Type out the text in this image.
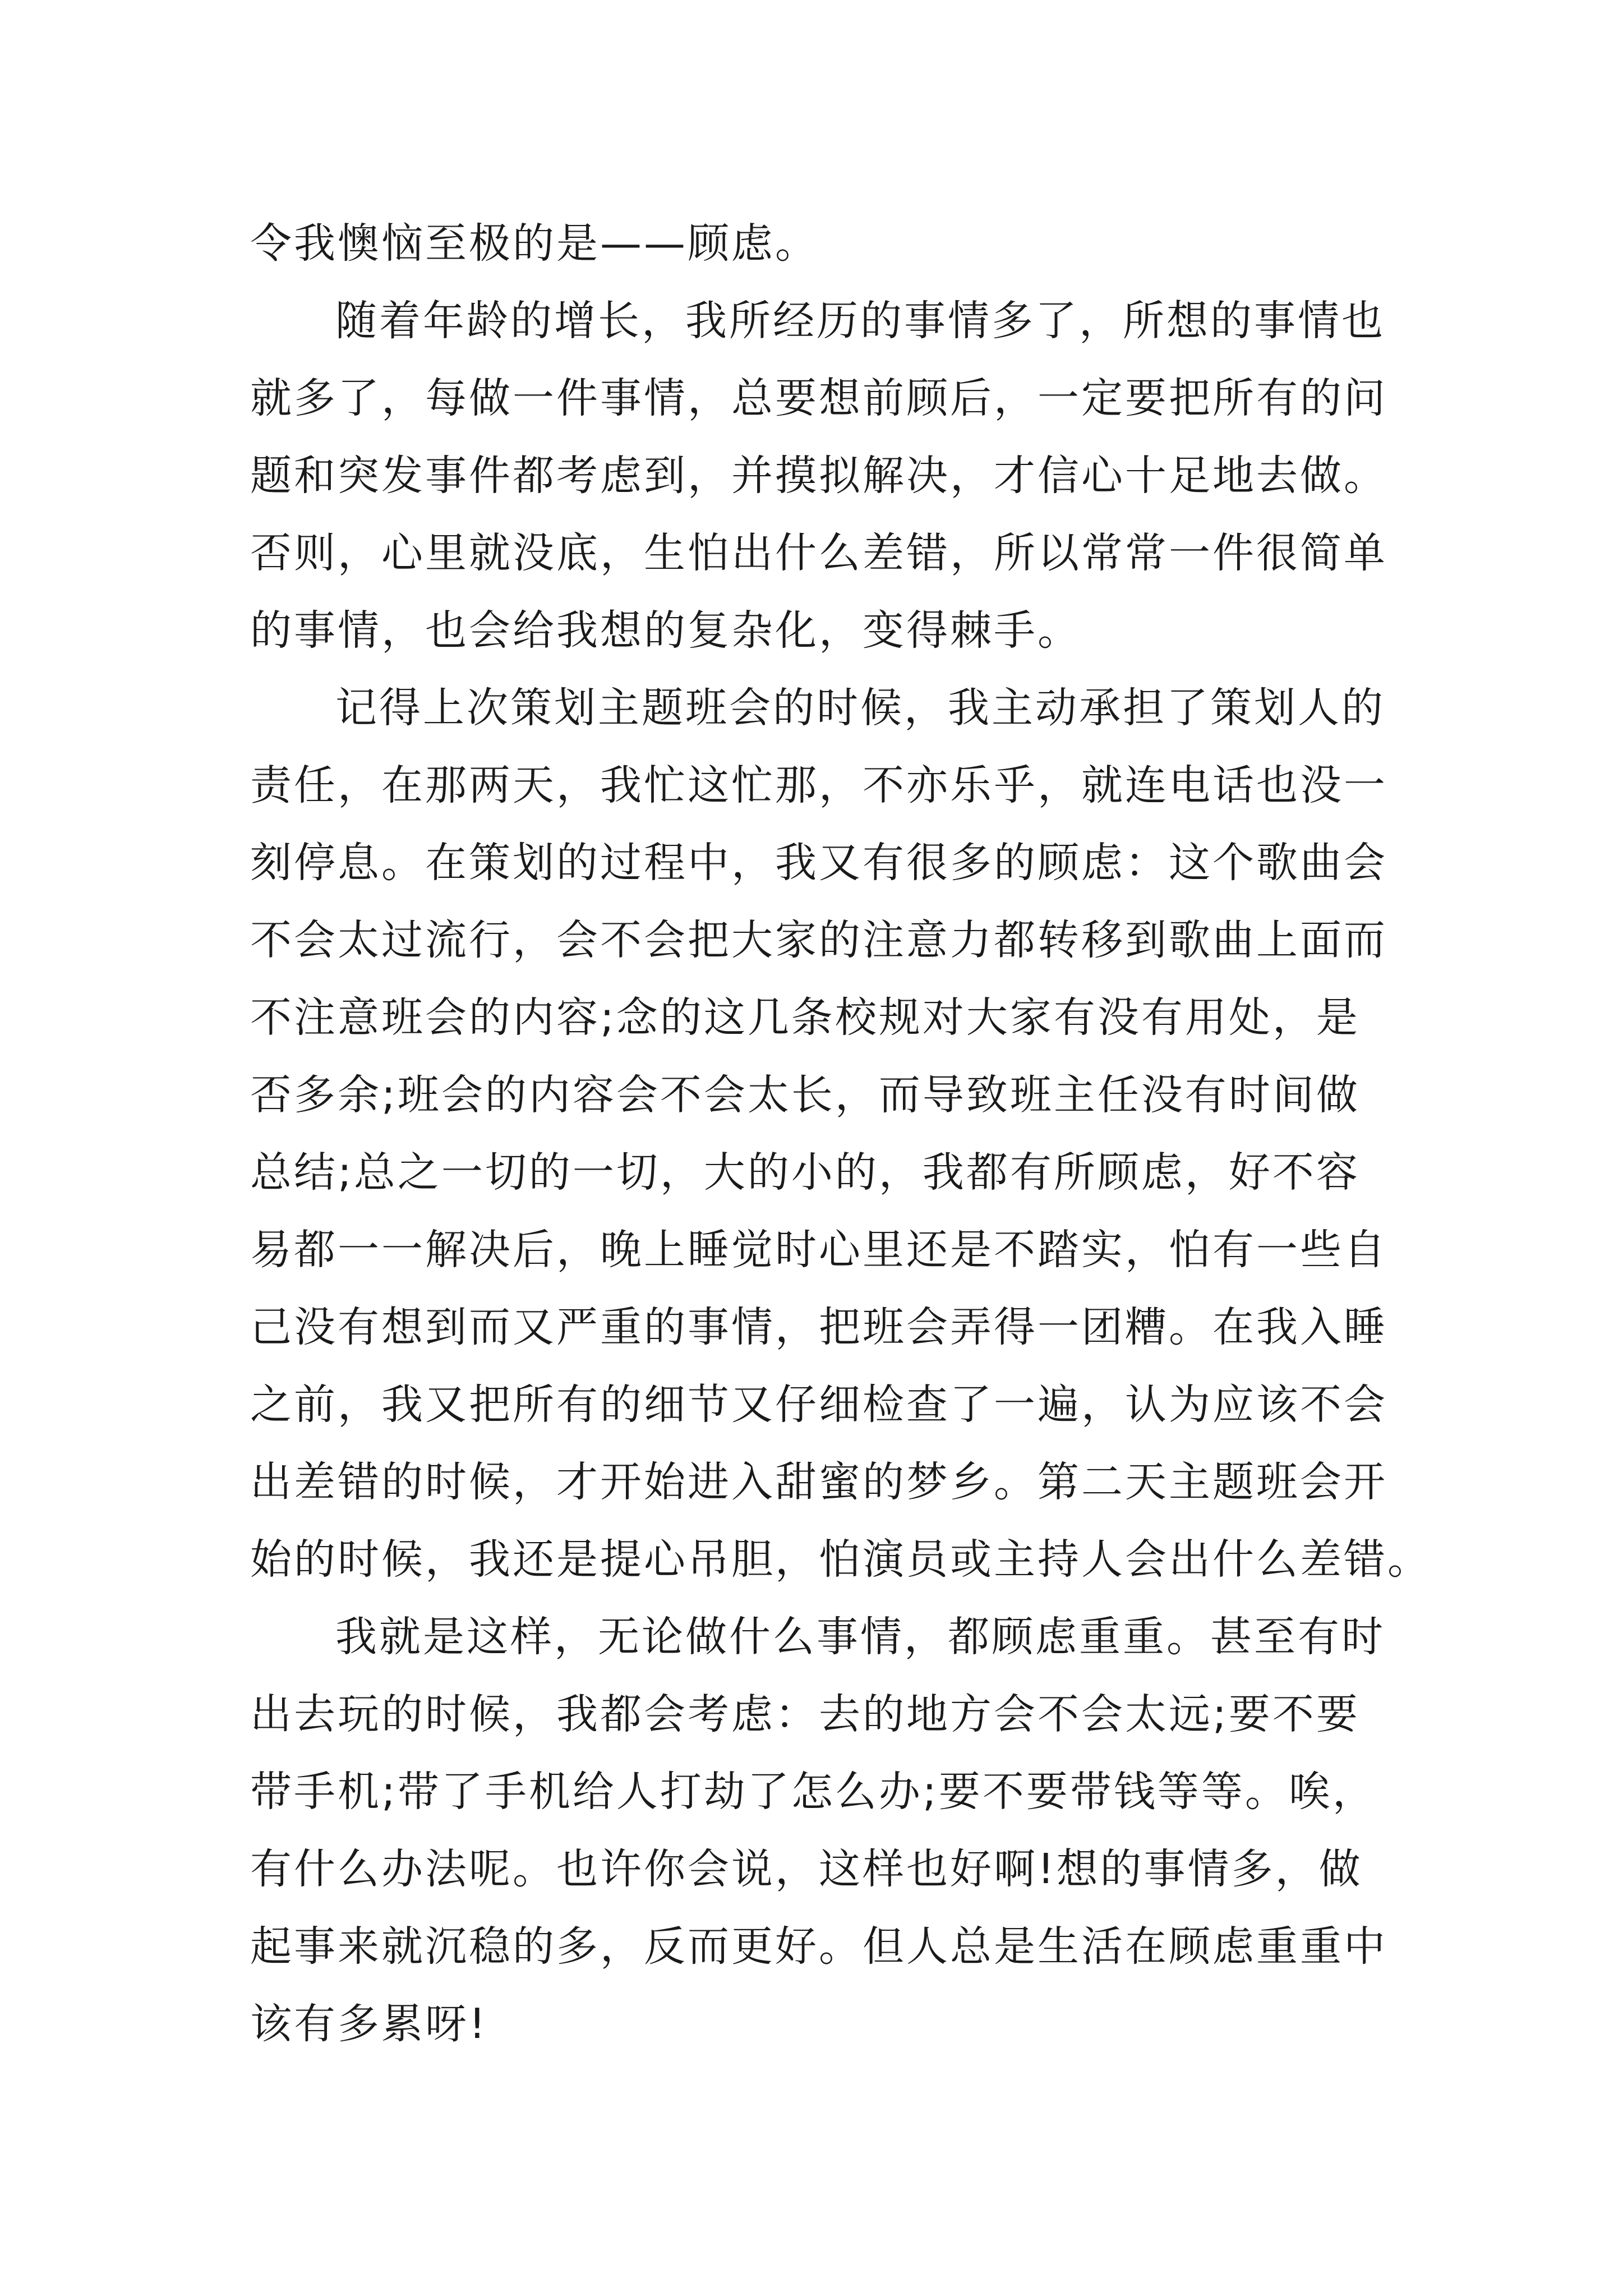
令我懊恼至极的是——顾虑。
随着年龄的增长，我所经历的事情多了，所想的事情也
就多了，每做一件事情，总要想前顾后，一定要把所有的问
题和突发事件都考虑到，并摸拟解决，才信心十足地去做。
否则，心里就没底，生怕出什么差错，所以常常一件很简单
的事情，也会给我想的复杂化，变得棘手。
记得上次策划主题班会的时候，我主动承担了策划人的
责任，在那两天，我忙这忙那，不亦乐乎，就连电话也没一
刻停息。在策划的过程中，我又有很多的顾虑：这个歌曲会
不会太过流行，会不会把大家的注意力都转移到歌曲上面而
不注意班会的内容;念的这几条校规对大家有没有用处，是
否多余;班会的内容会不会太长，而导致班主任没有时间做
总结;总之一切的一切，大的小的，我都有所顾虑，好不容
易都一一解决后，晚上睡觉时心里还是不踏实，怕有一些自
己没有想到而又严重的事情，把班会弄得一团糟。在我入睡
之前，我又把所有的细节又仔细检查了一遍，认为应该不会
出差错的时候，才开始进入甜蜜的梦乡。第二天主题班会开
始的时候，我还是提心吊胆，怕演员或主持人会出什么差错。
我就是这样，无论做什么事情，都顾虑重重。甚至有时
出去玩的时候，我都会考虑：去的地方会不会太远;要不要
带手机;带了手机给人打劫了怎么办;要不要带钱等等。唉，
有什么办法呢。也许你会说，这样也好啊!想的事情多，做
起事来就沉稳的多，反而更好。但人总是生活在顾虑重重中
该有多累呀!
